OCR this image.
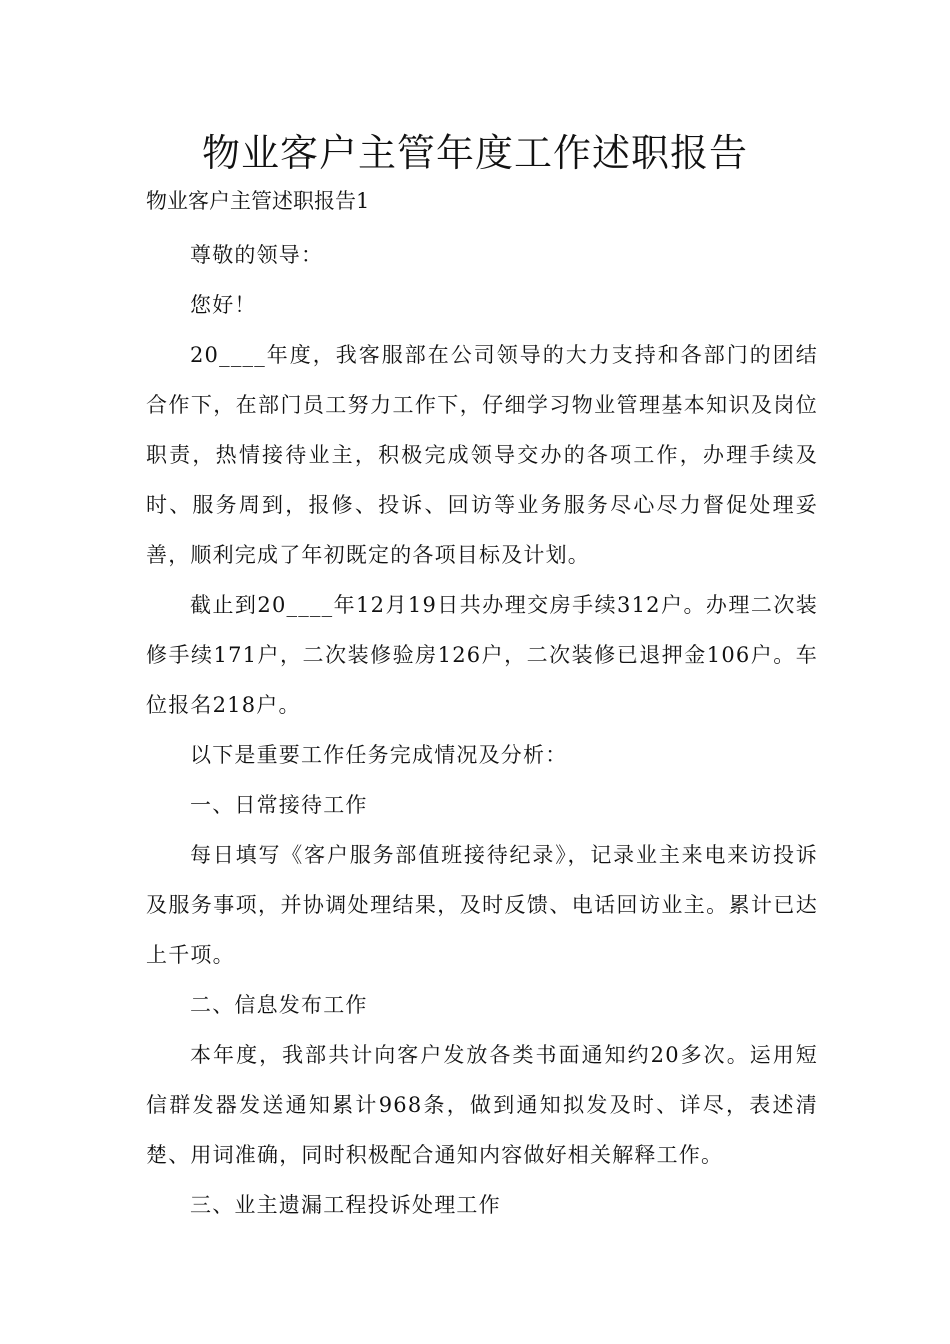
物业客户主管年度工作述职报告

物业客户主管述职报告1

尊敬的领导：

您好！

20____年度，我客服部在公司领导的大力支持和各部门的团结合作下，在部门员工努力工作下，仔细学习物业管理基本知识及岗位职责，热情接待业主，积极完成领导交办的各项工作，办理手续及时、服务周到，报修、投诉、回访等业务服务尽心尽力督促处理妥善，顺利完成了年初既定的各项目标及计划。

截止到20____年12月19日共办理交房手续312户。办理二次装修手续171户，二次装修验房126户，二次装修已退押金106户。车位报名218户。

以下是重要工作任务完成情况及分析：

一、日常接待工作

每日填写《客户服务部值班接待纪录》，记录业主来电来访投诉及服务事项，并协调处理结果，及时反馈、电话回访业主。累计已达上千项。

二、信息发布工作

本年度，我部共计向客户发放各类书面通知约20多次。运用短信群发器发送通知累计968条，做到通知拟发及时、详尽，表述清楚、用词准确，同时积极配合通知内容做好相关解释工作。

三、业主遗漏工程投诉处理工作
